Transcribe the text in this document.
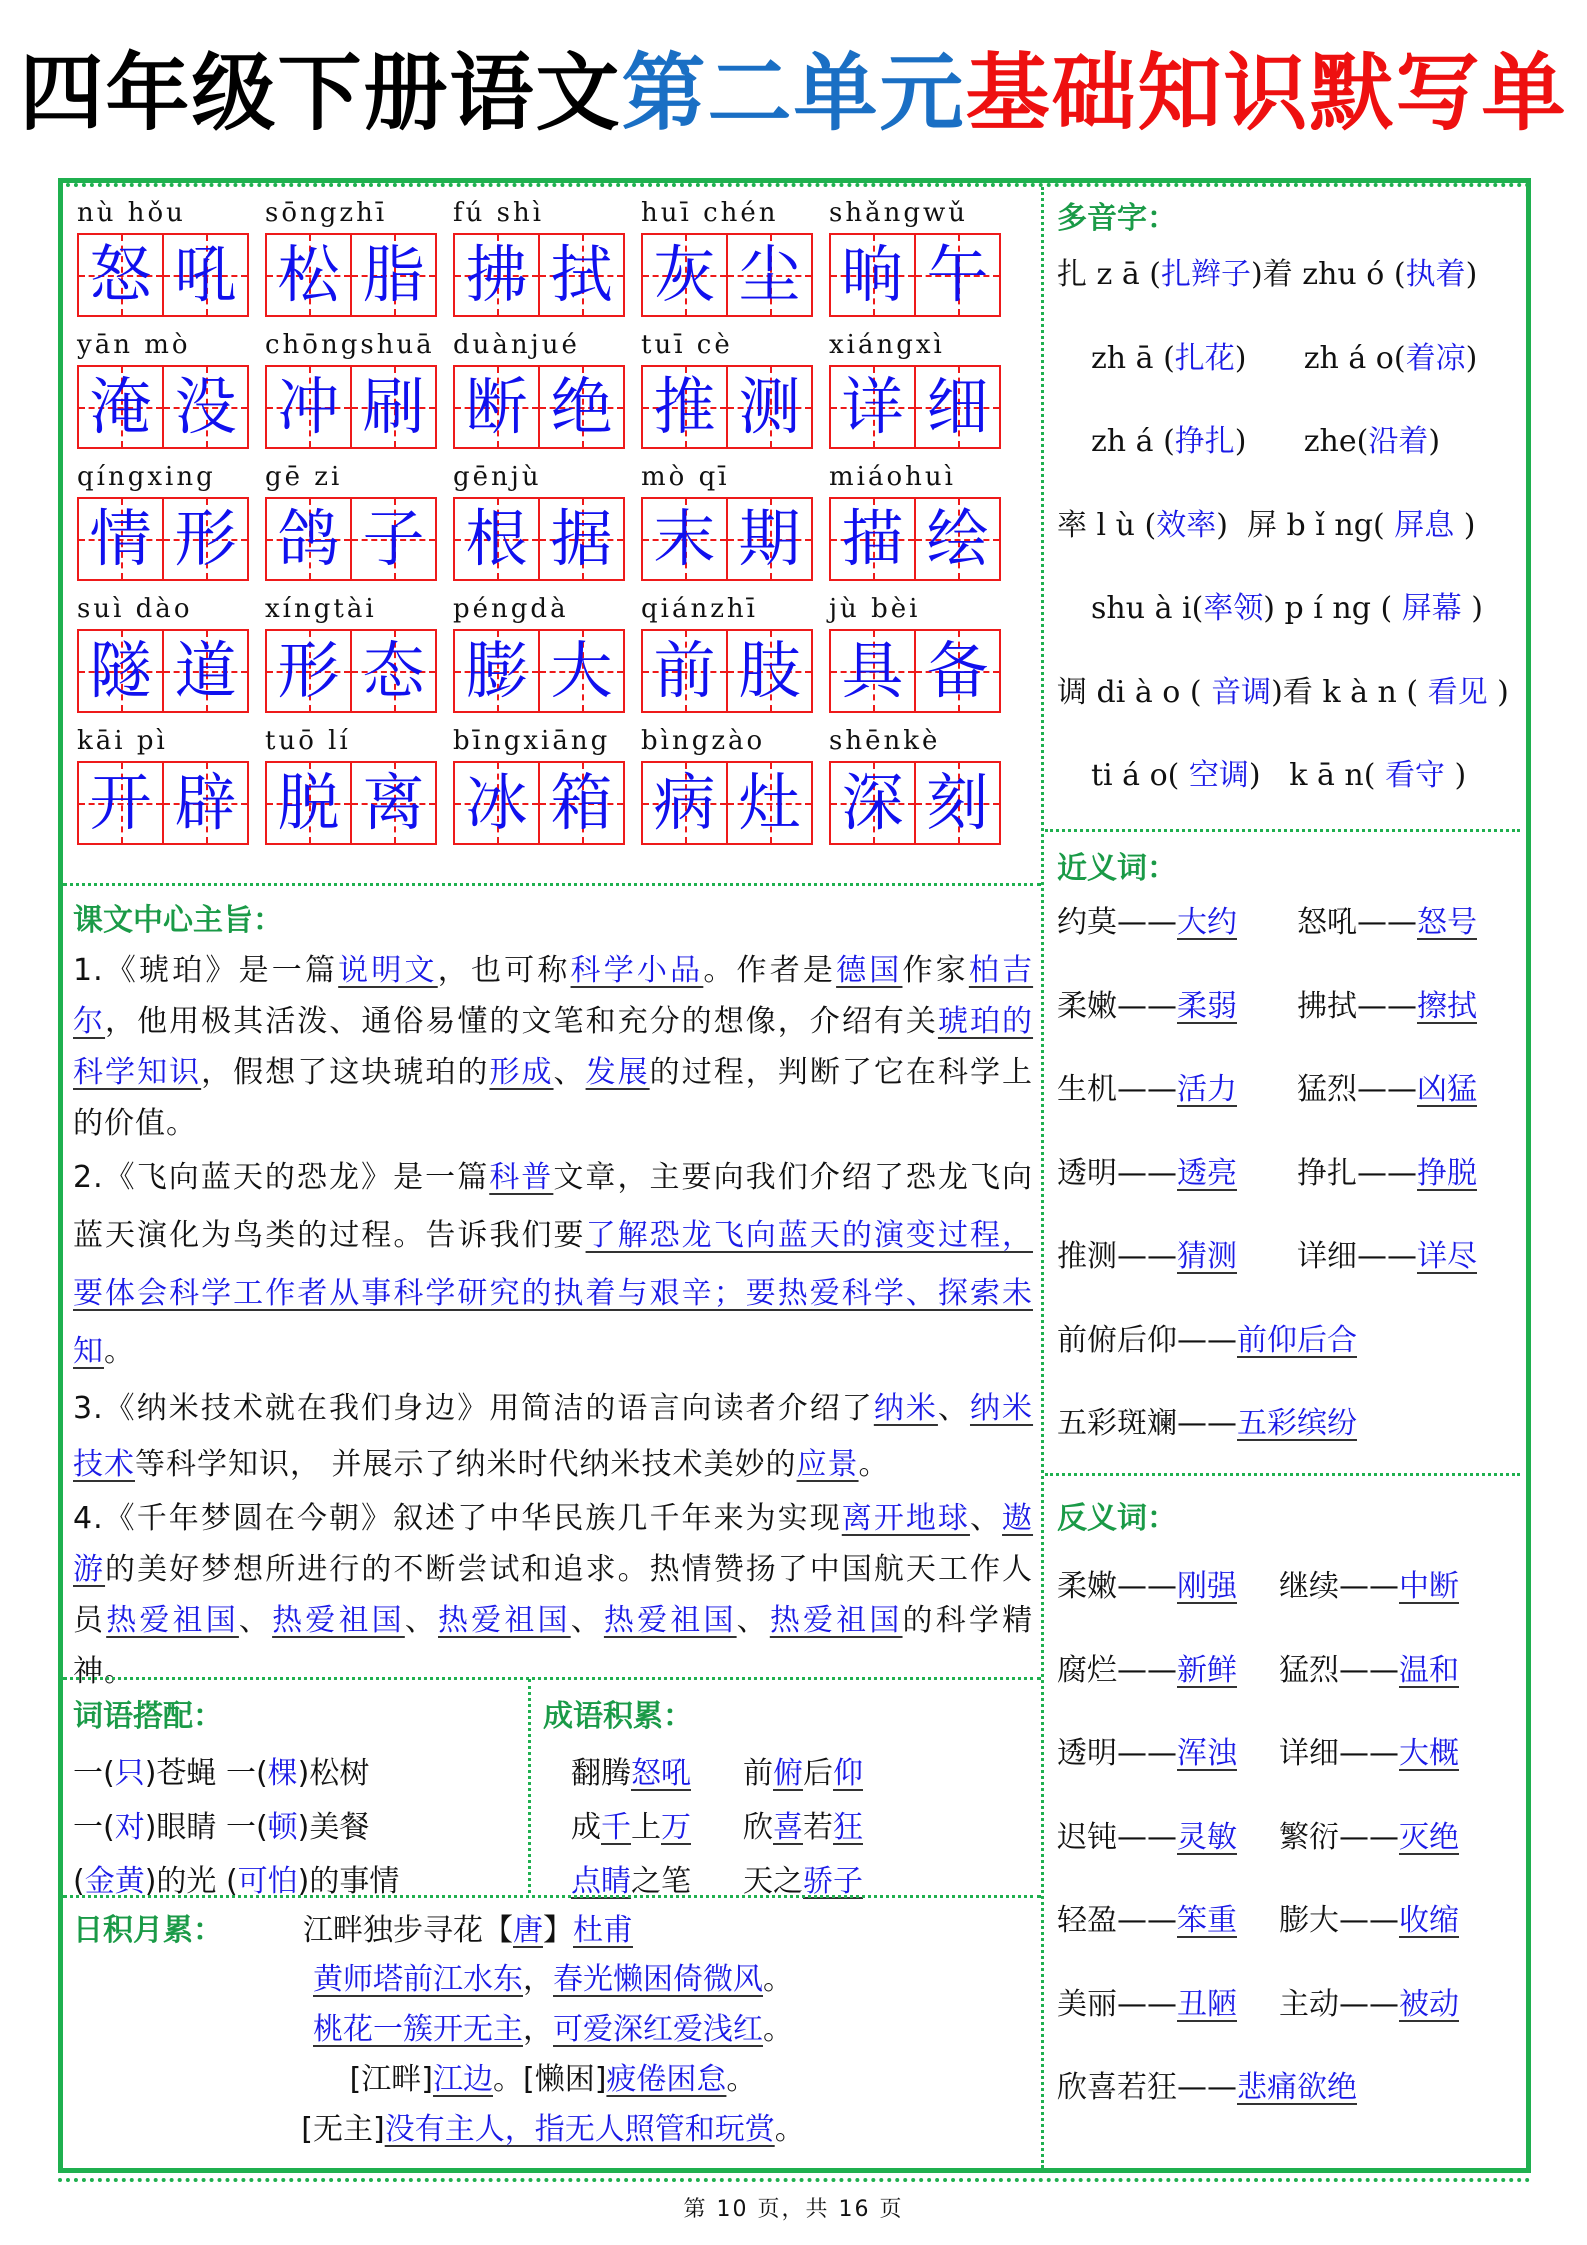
四年级下册语文第二单元基础知识默写单
nù hǒu
怒 吼
sōngzhī
松 脂
fú shì
拂 拭
huī chén
灰 尘
shǎngwǔ
晌 午
yān mò
淹 没
chōngshuā
冲 刷
duànjué
断 绝
tuī cè
推 测
xiángxì
详 细
qíngxing
情 形
gē zi
鸽 子
gēnjù
根 据
mò qī
末 期
miáohuì
描 绘
suì dào
隧 道
xíngtài
形 态
péngdà
膨 大
qiánzhī
前 肢
jù bèi
具 备
kāi pì
开 辟
tuō lí
脱 离
bīngxiāng
冰 箱
bìngzào
病 灶
shēnkè
深 刻
课文中心主旨：

1.《琥珀》是一篇说明文，也可称科学小品。作者是德国作家柏吉尔，他用极其活泼、通俗易懂的文笔和充分的想像，介绍有关琥珀的科学知识，假想了这块琥珀的形成、发展的过程，判断了它在科学上的价值。

2.《飞向蓝天的恐龙》是一篇科普文章，主要向我们介绍了恐龙飞向蓝天演化为鸟类的过程。告诉我们要了解恐龙飞向蓝天的演变过程，要体会科学工作者从事科学研究的执着与艰辛；要热爱科学、探索未知。

3.《纳米技术就在我们身边》用简洁的语言向读者介绍了纳米、纳米技术等科学知识， 并展示了纳米时代纳米技术美妙的应景。

4.《千年梦圆在今朝》叙述了中华民族几千年来为实现离开地球、遨游的美好梦想所进行的不断尝试和追求。热情赞扬了中国航天工作人员热爱祖国、热爱祖国、热爱祖国、热爱祖国、热爱祖国的科学精神。

词语搭配：
一(只)苍蝇 一(棵)松树
一(对)眼睛 一(顿)美餐
(金黄)的光 (可怕)的事情
成语积累：
翻腾怒吼 前俯后仰
成千上万 欣喜若狂
点睛之笔 天之骄子
日积月累：	江畔独步寻花【唐】杜甫
黄师塔前江水东，春光懒困倚微风。
桃花一簇开无主，可爱深红爱浅红。
[江畔]江边。[懒困]疲倦困怠。
[无主]没有主人，指无人照管和玩赏。
多音字：
扎 z ā (扎辫子)着 zhu ó (执着)
zh ā (扎花)      zh á o(着凉)
zh á (挣扎)      zhe(沿着)
率 l ù (效率)  屏 b ǐ ng( 屏息 )
shu à i(率领) p í ng ( 屏幕 )
调 di à o ( 音调)看 k à n ( 看见 )
ti á o( 空调)   k ā n( 看守 )
近义词：
约莫——大约 怒吼——怒号
柔嫩——柔弱 拂拭——擦拭
生机——活力 猛烈——凶猛
透明——透亮 挣扎——挣脱
推测——猜测 详细——详尽
前俯后仰——前仰后合
五彩斑斓——五彩缤纷
反义词：
柔嫩——刚强 继续——中断
腐烂——新鲜 猛烈——温和
透明——浑浊 详细——大概
迟钝——灵敏 繁衍——灭绝
轻盈——笨重 膨大——收缩
美丽——丑陋 主动——被动
欣喜若狂——悲痛欲绝
第 10 页，共 16 页
